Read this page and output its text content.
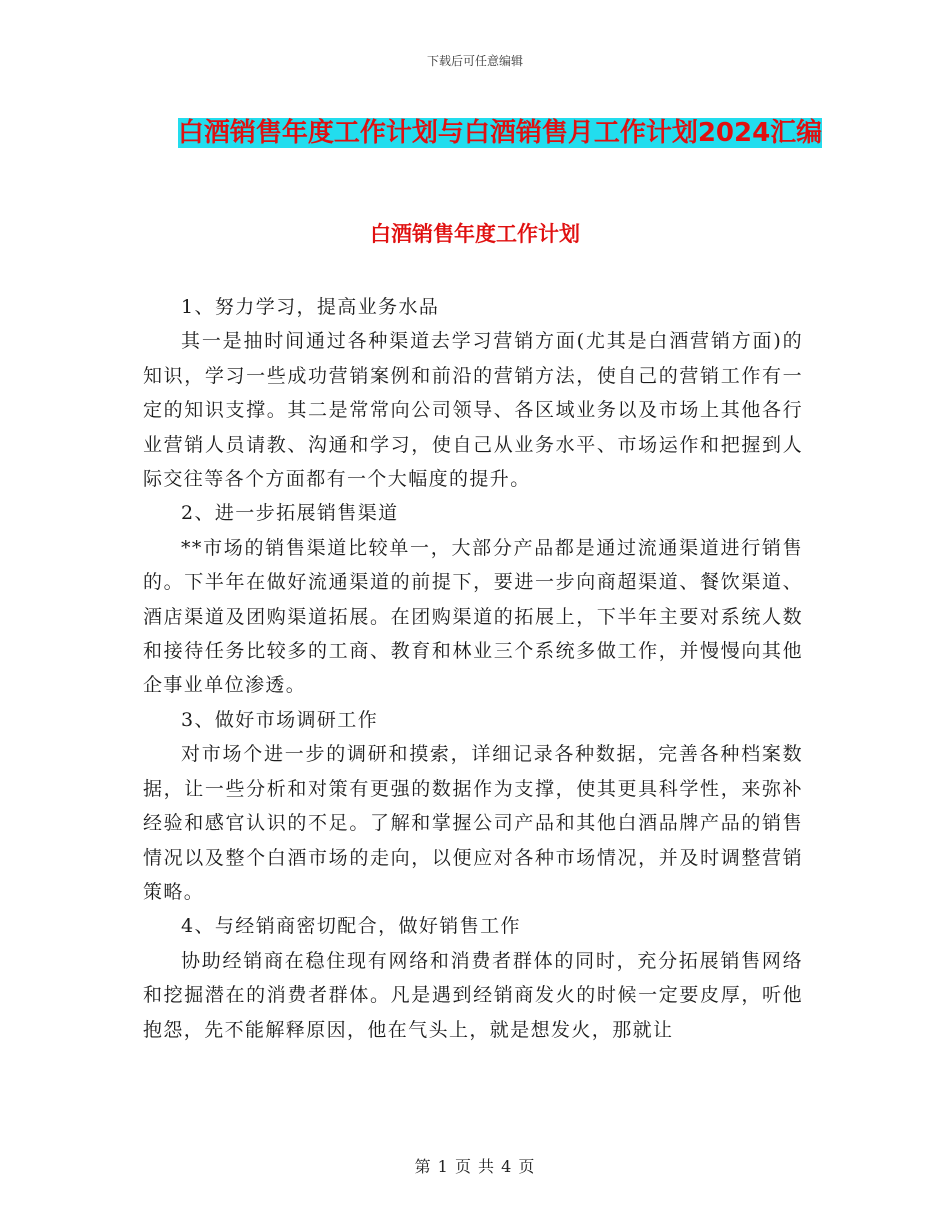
下载后可任意编辑
白酒销售年度工作计划与白酒销售月工作计划2024汇编
白酒销售年度工作计划

1、努力学习，提高业务水品

其一是抽时间通过各种渠道去学习营销方面(尤其是白酒营销方面)的知识，学习一些成功营销案例和前沿的营销方法，使自己的营销工作有一定的知识支撑。其二是常常向公司领导、各区域业务以及市场上其他各行业营销人员请教、沟通和学习，使自己从业务水平、市场运作和把握到人际交往等各个方面都有一个大幅度的提升。

2、进一步拓展销售渠道

**市场的销售渠道比较单一，大部分产品都是通过流通渠道进行销售的。下半年在做好流通渠道的前提下，要进一步向商超渠道、餐饮渠道、酒店渠道及团购渠道拓展。在团购渠道的拓展上，下半年主要对系统人数和接待任务比较多的工商、教育和林业三个系统多做工作，并慢慢向其他企事业单位渗透。

3、做好市场调研工作

对市场个进一步的调研和摸索，详细记录各种数据，完善各种档案数据，让一些分析和对策有更强的数据作为支撑，使其更具科学性，来弥补经验和感官认识的不足。了解和掌握公司产品和其他白酒品牌产品的销售情况以及整个白酒市场的走向，以便应对各种市场情况，并及时调整营销策略。

4、与经销商密切配合，做好销售工作

协助经销商在稳住现有网络和消费者群体的同时，充分拓展销售网络和挖掘潜在的消费者群体。凡是遇到经销商发火的时候一定要皮厚，听他抱怨，先不能解释原因，他在气头上，就是想发火，那就让

第 1 页 共 4 页
